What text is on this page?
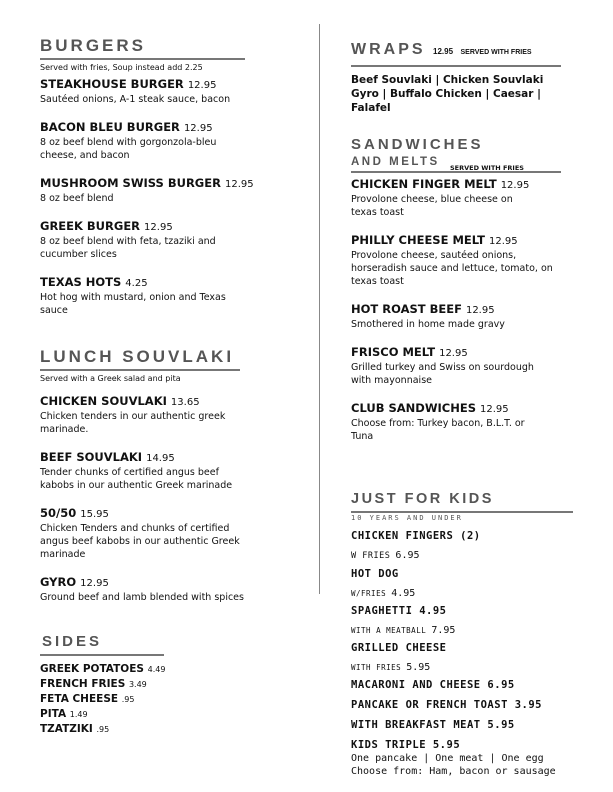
BURGERS
Served with fries, Soup instead add 2.25
STEAKHOUSE BURGER 12.95
Sautéed onions, A-1 steak sauce, bacon
BACON BLEU BURGER 12.95
8 oz beef blend with gorgonzola-bleu cheese, and bacon
MUSHROOM SWISS BURGER 12.95
8 oz beef blend
GREEK BURGER 12.95
8 oz beef blend with feta, tzaziki and cucumber slices
TEXAS HOTS 4.25
Hot hog with mustard, onion and Texas sauce
LUNCH SOUVLAKI
Served with a Greek salad and pita
CHICKEN SOUVLAKI 13.65
Chicken tenders in our authentic greek marinade.
BEEF SOUVLAKI 14.95
Tender chunks of certified angus beef kabobs in our authentic Greek marinade
50/50 15.95
Chicken Tenders and chunks of certified angus beef kabobs in our authentic Greek marinade
GYRO 12.95
Ground beef and lamb blended with spices
SIDES
GREEK POTATOES 4.49
FRENCH FRIES 3.49
FETA CHEESE .95
PITA 1.49
TZATZIKI .95
WRAPS 12.95 SERVED WITH FRIES
Beef Souvlaki | Chicken Souvlaki
Gyro | Buffalo Chicken | Caesar | Falafel
SANDWICHES
AND MELTS
CHICKEN FINGER MELT 12.95
Provolone cheese, blue cheese on texas toast
PHILLY CHEESE MELT 12.95
Provolone cheese, sautéed onions, horseradish sauce and lettuce, tomato, on texas toast
HOT ROAST BEEF 12.95
Smothered in home made gravy
FRISCO MELT 12.95
Grilled turkey and Swiss on sourdough with mayonnaise
CLUB SANDWICHES 12.95
Choose from: Turkey bacon, B.L.T. or Tuna
JUST FOR KIDS
10 YEARS AND UNDER
CHICKEN FINGERS (2)
W FRIES 6.95
HOT DOG
W/FRIES 4.95
SPAGHETTI 4.95
WITH A MEATBALL 7.95
GRILLED CHEESE
WITH FRIES 5.95
MACARONI AND CHEESE 6.95
PANCAKE OR FRENCH TOAST 3.95
WITH BREAKFAST MEAT 5.95
KIDS TRIPLE 5.95
One pancake | One meat | One egg
Choose from: Ham, bacon or sausage
SERVED WITH FRIES
